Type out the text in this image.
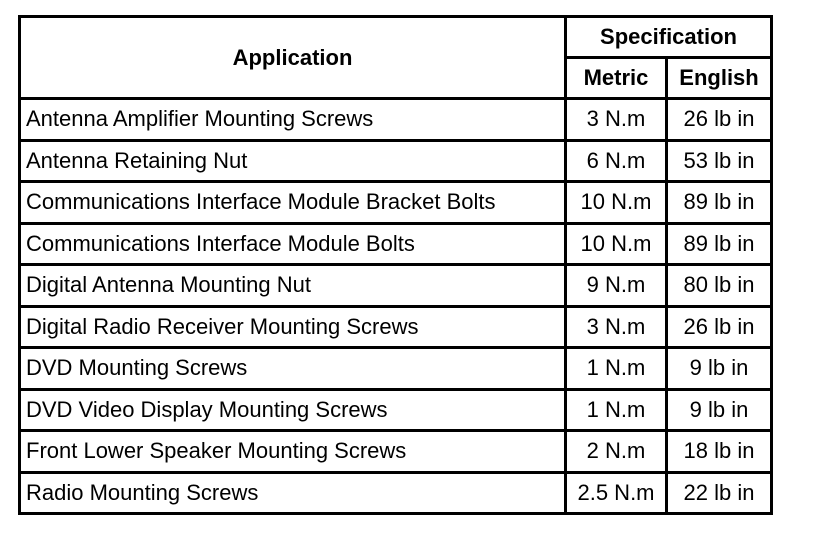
Application	Specification	
	Metric	English
Antenna Amplifier Mounting Screws	3 N.m	26 lb in
Antenna Retaining Nut	6 N.m	53 lb in
Communications Interface Module Bracket Bolts	10 N.m	89 lb in
Communications Interface Module Bolts	10 N.m	89 lb in
Digital Antenna Mounting Nut	9 N.m	80 lb in
Digital Radio Receiver Mounting Screws	3 N.m	26 lb in
DVD Mounting Screws	1 N.m	9 lb in
DVD Video Display Mounting Screws	1 N.m	9 lb in
Front Lower Speaker Mounting Screws	2 N.m	18 lb in
Radio Mounting Screws	2.5 N.m	22 lb in
